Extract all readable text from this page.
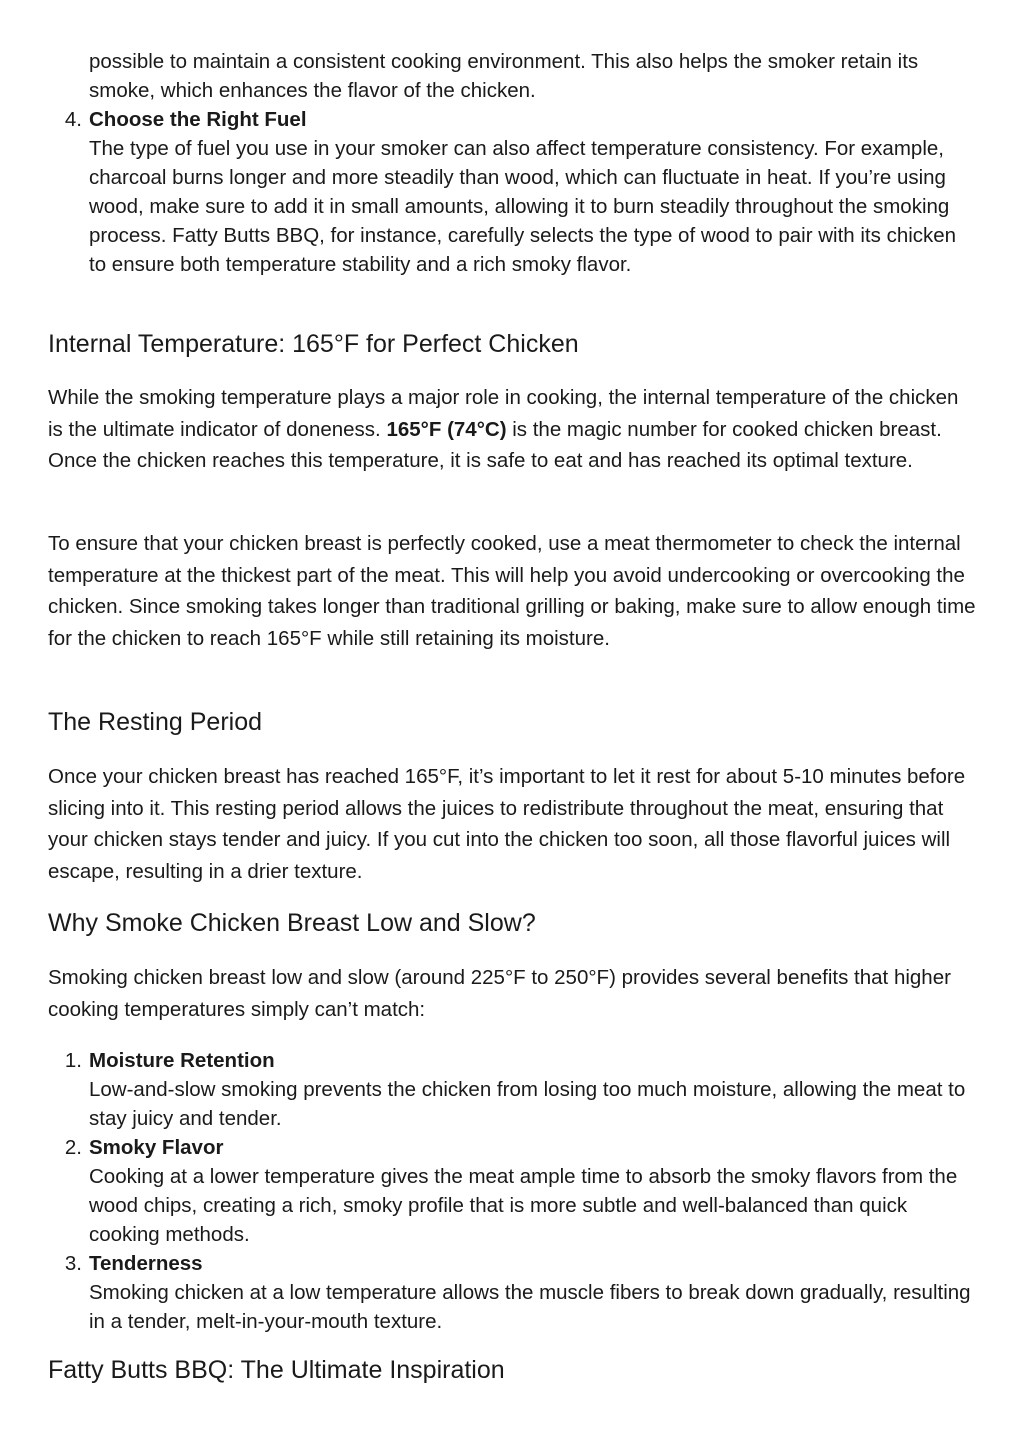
possible to maintain a consistent cooking environment. This also helps the smoker retain its smoke, which enhances the flavor of the chicken.

4. Choose the Right Fuel

The type of fuel you use in your smoker can also affect temperature consistency. For example, charcoal burns longer and more steadily than wood, which can fluctuate in heat. If you’re using wood, make sure to add it in small amounts, allowing it to burn steadily throughout the smoking process. Fatty Butts BBQ, for instance, carefully selects the type of wood to pair with its chicken to ensure both temperature stability and a rich smoky flavor.

Internal Temperature: 165°F for Perfect Chicken

While the smoking temperature plays a major role in cooking, the internal temperature of the chicken is the ultimate indicator of doneness. 165°F (74°C) is the magic number for cooked chicken breast. Once the chicken reaches this temperature, it is safe to eat and has reached its optimal texture.

To ensure that your chicken breast is perfectly cooked, use a meat thermometer to check the internal temperature at the thickest part of the meat. This will help you avoid undercooking or overcooking the chicken. Since smoking takes longer than traditional grilling or baking, make sure to allow enough time for the chicken to reach 165°F while still retaining its moisture.

The Resting Period

Once your chicken breast has reached 165°F, it’s important to let it rest for about 5-10 minutes before slicing into it. This resting period allows the juices to redistribute throughout the meat, ensuring that your chicken stays tender and juicy. If you cut into the chicken too soon, all those flavorful juices will escape, resulting in a drier texture.

Why Smoke Chicken Breast Low and Slow?

Smoking chicken breast low and slow (around 225°F to 250°F) provides several benefits that higher cooking temperatures simply can’t match:

1. Moisture Retention

Low-and-slow smoking prevents the chicken from losing too much moisture, allowing the meat to stay juicy and tender.

2. Smoky Flavor

Cooking at a lower temperature gives the meat ample time to absorb the smoky flavors from the wood chips, creating a rich, smoky profile that is more subtle and well-balanced than quick cooking methods.

3. Tenderness

Smoking chicken at a low temperature allows the muscle fibers to break down gradually, resulting in a tender, melt-in-your-mouth texture.

Fatty Butts BBQ: The Ultimate Inspiration
